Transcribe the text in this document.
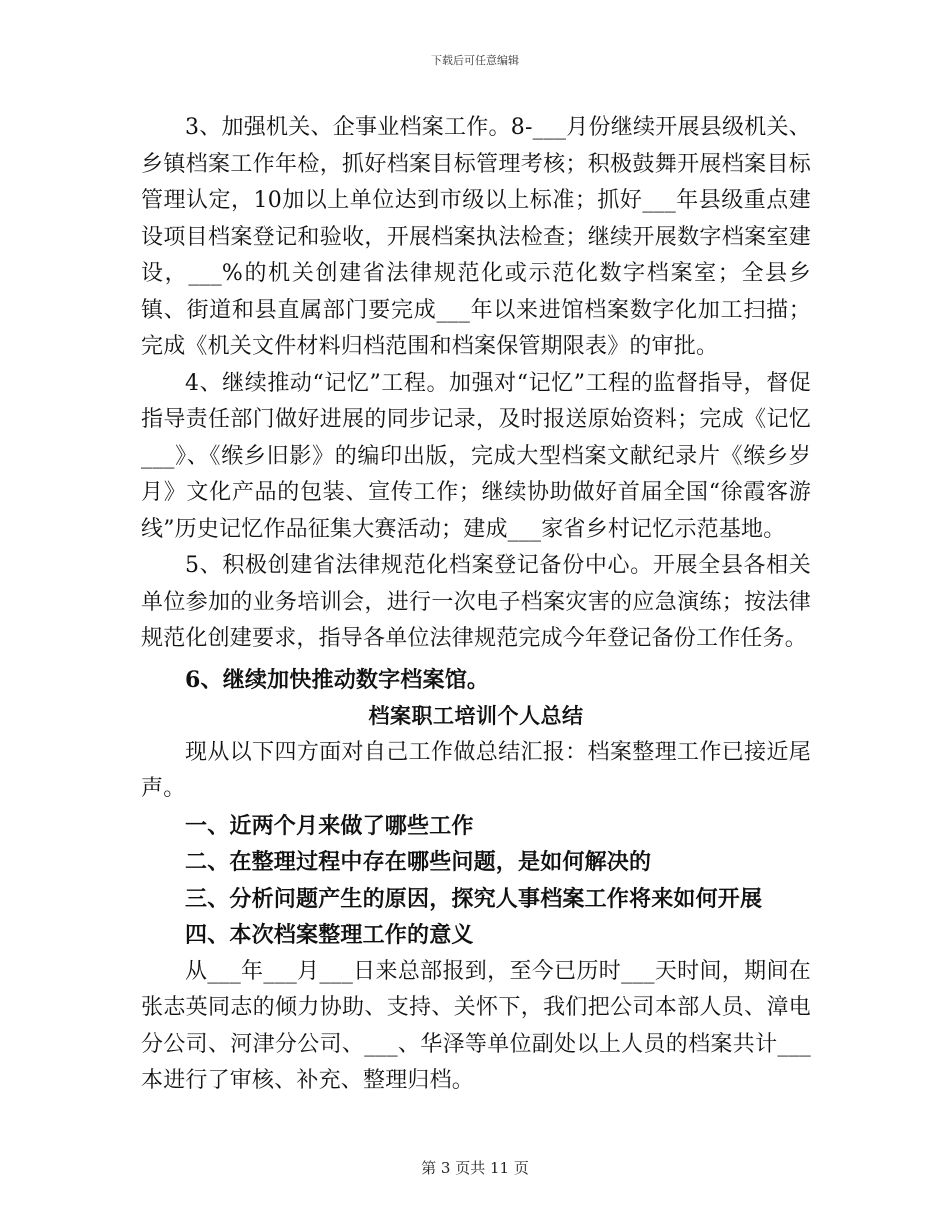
下载后可任意编辑

3、加强机关、企事业档案工作。8-___月份继续开展县级机关、乡镇档案工作年检，抓好档案目标管理考核；积极鼓舞开展档案目标管理认定，10加以上单位达到市级以上标准；抓好___年县级重点建设项目档案登记和验收，开展档案执法检查；继续开展数字档案室建设，___%的机关创建省法律规范化或示范化数字档案室；全县乡镇、街道和县直属部门要完成___年以来进馆档案数字化加工扫描；完成《机关文件材料归档范围和档案保管期限表》的审批。

4、继续推动“记忆”工程。加强对“记忆”工程的监督指导，督促指导责任部门做好进展的同步记录，及时报送原始资料；完成《记忆___》、《缑乡旧影》的编印出版，完成大型档案文献纪录片《缑乡岁月》文化产品的包装、宣传工作；继续协助做好首届全国“徐霞客游线”历史记忆作品征集大赛活动；建成___家省乡村记忆示范基地。

5、积极创建省法律规范化档案登记备份中心。开展全县各相关单位参加的业务培训会，进行一次电子档案灾害的应急演练；按法律规范化创建要求，指导各单位法律规范完成今年登记备份工作任务。

6、继续加快推动数字档案馆。

档案职工培训个人总结

现从以下四方面对自己工作做总结汇报：档案整理工作已接近尾声。

一、近两个月来做了哪些工作

二、在整理过程中存在哪些问题，是如何解决的

三、分析问题产生的原因，探究人事档案工作将来如何开展

四、本次档案整理工作的意义

从___年___月___日来总部报到，至今已历时___天时间，期间在张志英同志的倾力协助、支持、关怀下，我们把公司本部人员、漳电分公司、河津分公司、___、华泽等单位副处以上人员的档案共计___本进行了审核、补充、整理归档。

第 3 页共 11 页
